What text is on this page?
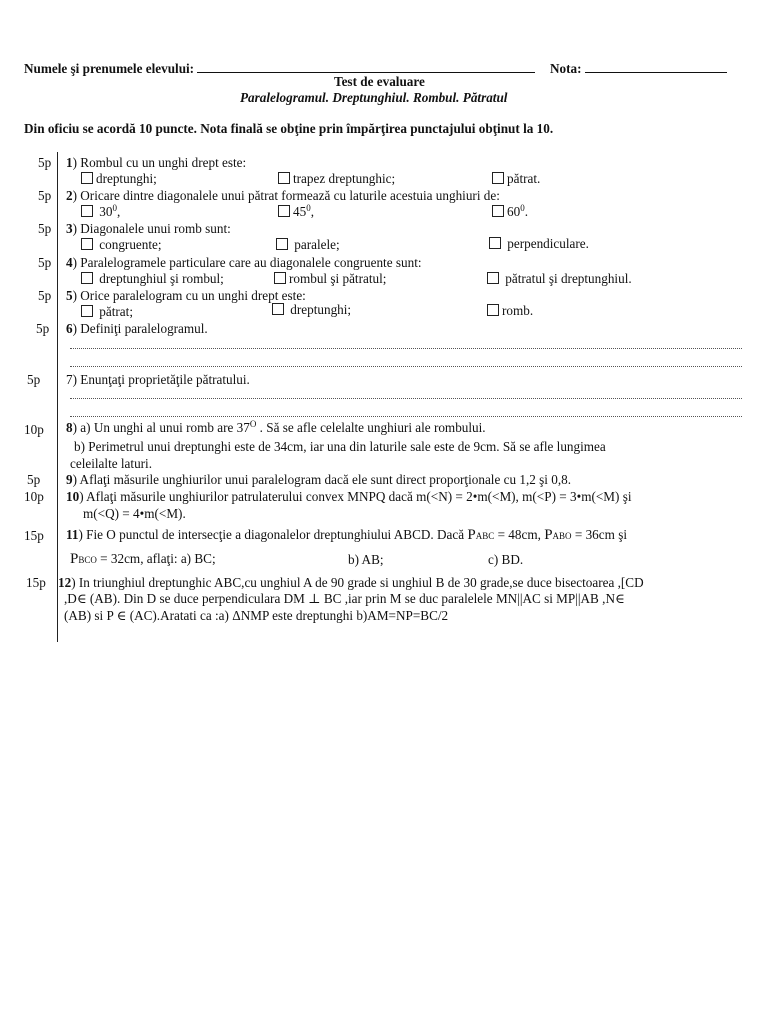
Numele şi prenumele elevului:	Nota:
Test de evaluare
Paralelogramul. Dreptunghiul. Rombul. Pătratul
Din oficiu se acordă 10 puncte. Nota finală se obţine prin împărţirea punctajului obţinut la 10.
5p 1) Rombul cu un unghi drept este:
dreptunghi;	trapez dreptunghic;	pătrat.
5p 2) Oricare dintre diagonalele unui pătrat formează cu laturile acestuia unghiuri de:
$30^0$,	$45^0$,	$60^0$.
5p 3) Diagonalele unui romb sunt:
congruente;	paralele;	perpendiculare.
5p 4) Paralelogramele particulare care au diagonalele congruente sunt:
dreptunghiul şi rombul;	rombul şi pătratul;	pătratul şi dreptunghiul.
5p 5) Orice paralelogram cu un unghi drept este:
pătrat;	dreptunghi;	romb.
5p 6) Definiţi paralelogramul.
5p 7) Enunţaţi proprietăţile pătratului.
10p 8) a) Un unghi al unui romb are $37^O$ . Să se afle celelalte unghiuri ale rombului.
b) Perimetrul unui dreptunghi este de 34cm, iar una din laturile sale este de 9cm. Să se afle lungimea
celeilalte laturi.
5p 9) Aflaţi măsurile unghiurilor unui paralelogram dacă ele sunt direct proporţionale cu 1,2 şi 0,8.
10p 10) Aflaţi măsurile unghiurilor patrulaterului convex MNPQ dacă m(<N) = 2•m(<M), m(<P) = 3•m(<M) şi
m(<Q) = 4•m(<M).
15p 11) Fie O punctul de intersecţie a diagonalelor dreptunghiului ABCD. Dacă PABC = 48cm, PABO = 36cm şi
PBCO = 32cm, aflaţi: a) BC;	b) AB;	c) BD.
15p 12) In triunghiul dreptunghic ABC,cu unghiul A de 90 grade si unghiul B de 30 grade,se duce bisectoarea ,[CD
,D∈ (AB). Din D se duce perpendiculara DM ⊥ BC ,iar prin M se duc paralelele MN||AC si MP||AB ,N∈
(AB) si P ∈ (AC).Aratati ca :a) ΔNMP este dreptunghi b)AM=NP=BC/2
